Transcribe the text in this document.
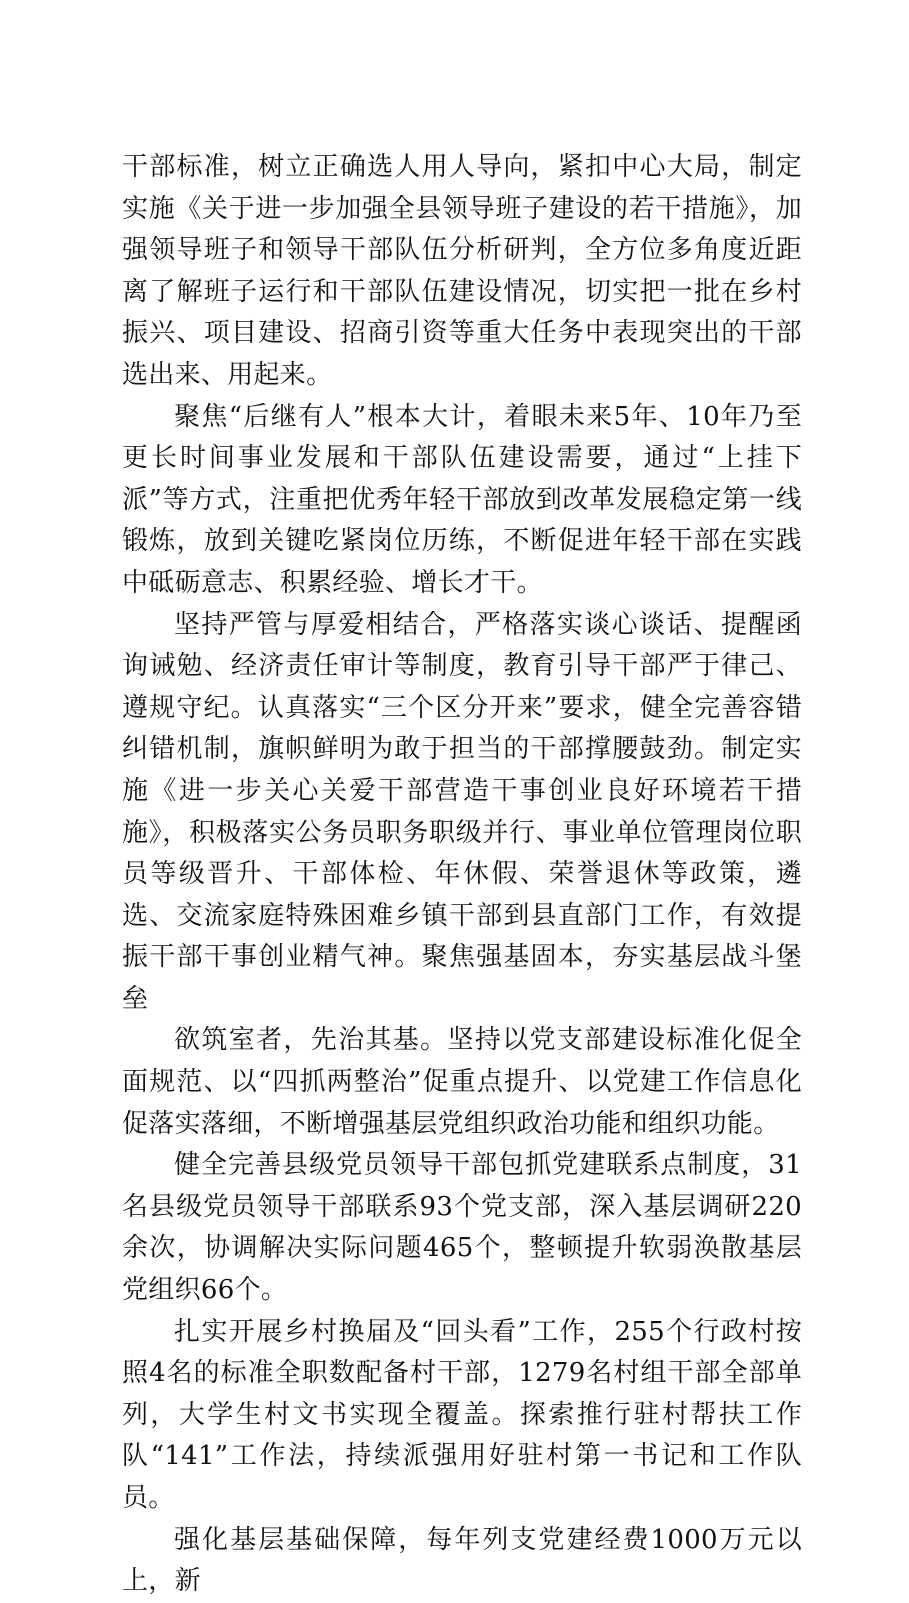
干部标准，树立正确选人用人导向，紧扣中心大局，制定实施《关于进一步加强全县领导班子建设的若干措施》，加强领导班子和领导干部队伍分析研判，全方位多角度近距离了解班子运行和干部队伍建设情况，切实把一批在乡村振兴、项目建设、招商引资等重大任务中表现突出的干部选出来、用起来。

聚焦“后继有人”根本大计，着眼未来5年、10年乃至更长时间事业发展和干部队伍建设需要，通过“上挂下派”等方式，注重把优秀年轻干部放到改革发展稳定第一线锻炼，放到关键吃紧岗位历练，不断促进年轻干部在实践中砥砺意志、积累经验、增长才干。

坚持严管与厚爱相结合，严格落实谈心谈话、提醒函询诫勉、经济责任审计等制度，教育引导干部严于律己、遵规守纪。认真落实“三个区分开来”要求，健全完善容错纠错机制，旗帜鲜明为敢于担当的干部撑腰鼓劲。制定实施《进一步关心关爱干部营造干事创业良好环境若干措施》，积极落实公务员职务职级并行、事业单位管理岗位职员等级晋升、干部体检、年休假、荣誉退休等政策，遴选、交流家庭特殊困难乡镇干部到县直部门工作，有效提振干部干事创业精气神。聚焦强基固本，夯实基层战斗堡垒

欲筑室者，先治其基。坚持以党支部建设标准化促全面规范、以“四抓两整治”促重点提升、以党建工作信息化促落实落细，不断增强基层党组织政治功能和组织功能。

健全完善县级党员领导干部包抓党建联系点制度，31名县级党员领导干部联系93个党支部，深入基层调研220余次，协调解决实际问题465个，整顿提升软弱涣散基层党组织66个。

扎实开展乡村换届及“回头看”工作，255个行政村按照4名的标准全职数配备村干部，1279名村组干部全部单列，大学生村文书实现全覆盖。探索推行驻村帮扶工作队“141”工作法，持续派强用好驻村第一书记和工作队员。

强化基层基础保障，每年列支党建经费1000万元以上，新
